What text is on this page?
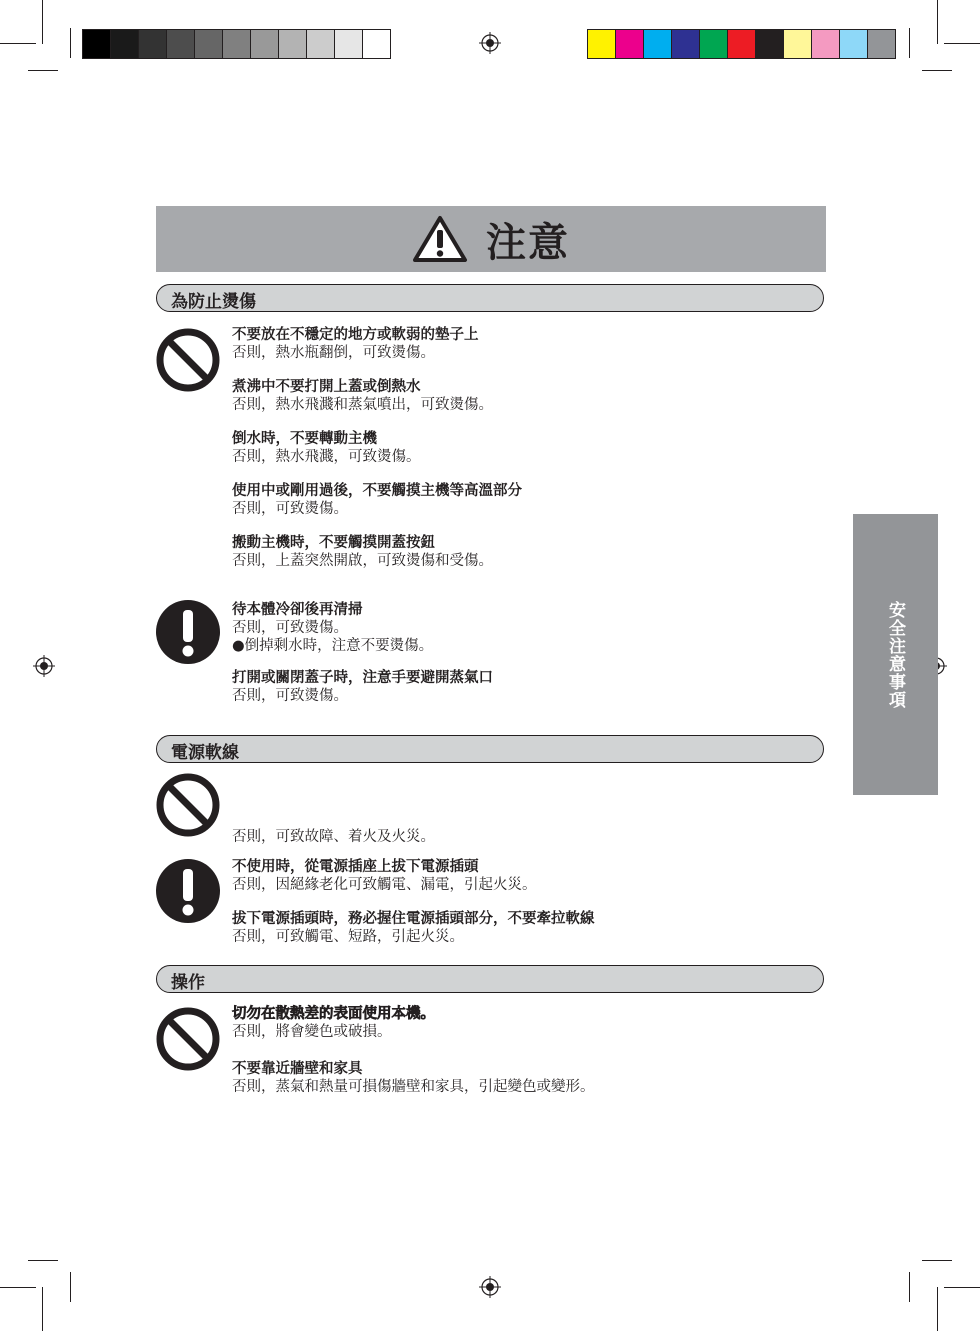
注意
安全注意事項
為防止燙傷
不要放在不穩定的地方或軟弱的墊子上
否則，熱水瓶翻倒，可致燙傷。
煮沸中不要打開上蓋或倒熱水
否則，熱水飛濺和蒸氣噴出，可致燙傷。
倒水時，不要轉動主機
否則，熱水飛濺，可致燙傷。
使用中或剛用過後，不要觸摸主機等高溫部分
否則，可致燙傷。
搬動主機時，不要觸摸開蓋按鈕
否則，上蓋突然開啟，可致燙傷和受傷。
待本體冷卻後再清掃
否則，可致燙傷。
●倒掉剩水時，注意不要燙傷。
打開或關閉蓋子時，注意手要避開蒸氣口
否則，可致燙傷。
電源軟線
否則，可致故障、着火及火災。
不使用時，從電源插座上拔下電源插頭
否則，因絕緣老化可致觸電、漏電，引起火災。
拔下電源插頭時，務必握住電源插頭部分，不要牽拉軟線
否則，可致觸電、短路，引起火災。
操作
切勿在散熱差的表面使用本機。
否則，將會變色或破損。
不要靠近牆壁和家具
否則，蒸氣和熱量可損傷牆壁和家具，引起變色或變形。
